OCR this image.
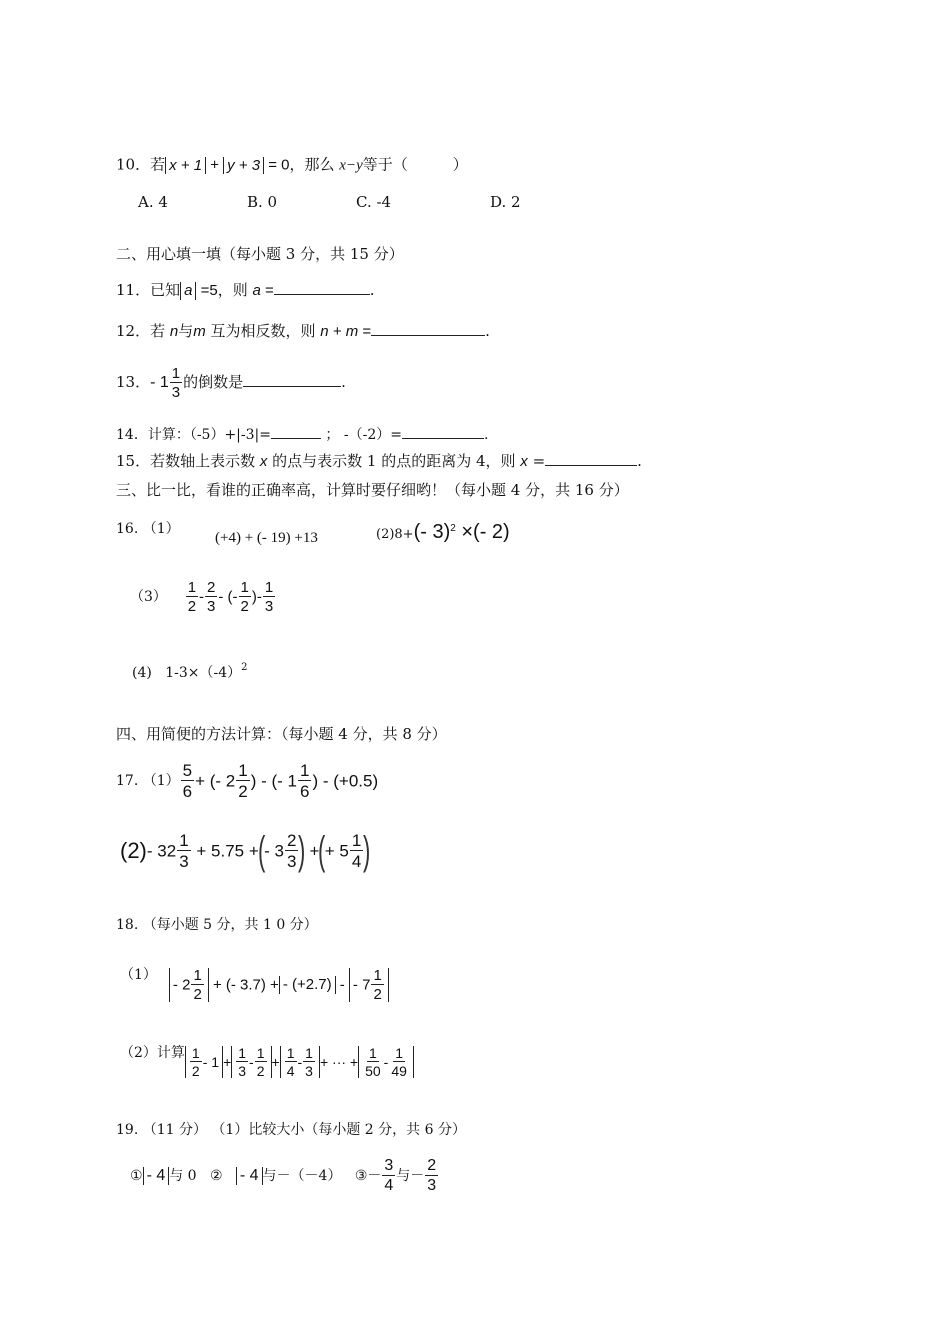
10．若 x + 1 + y + 3 = 0，那么 x−y等于（　　　）
A. 4	B. 0	C. -4	D. 2
二、用心填一填（每小题 3 分，共 15 分）
11．已知 a =5，则 a =	.
12．若 n与m 互为相反数，则 n + m =	.
13．- $1 \frac{1}{3}$ 的倒数是	.
14．计算：（-5）+|-3|=	； -（-2）=	.
15．若数轴上表示数 x 的点与表示数 1 的点的距离为 4，则 x =	.
三、比一比，看谁的正确率高，计算时要仔细哟！（每小题 4 分，共 16 分）
16. （1）
(+4) + (- 19) +13	(2)8+(- 3)$^2$ ×(- 2)
$(3) \frac{1}{2} - \frac{2}{3}$ - (- $\frac{1}{2}$ )- $\frac{1}{3}$
(4) $1-3\times(-4)^2$
四、用简便的方法计算：（每小题 4 分，共 8 分）
17. $(1) \frac{5}{6}$ + (- $2 \frac{1}{2}$ ) - (- $1 \frac{1}{6}$ ) - (+0.5)
(2)- $32 \frac{1}{3} + 5.75$ +(- $3 \frac{2}{3}$ ) +(+ $5 \frac{1}{4}$ )
18. （每小题 5 分，共 1 0 分）
（1）- $2 \frac{1}{2}$ + (- 3.7) + - (+2.7) - - $7 \frac{1}{2}$
（2）计算 $\frac{1}{2} - 1 + \frac{1}{3} - \frac{1}{2} + \frac{1}{4} - \frac{1}{3}$ + ··· + $\frac{1}{50} - \frac{1}{49}$
19. （11 分） （1）比较大小（每小题 2 分，共 6 分）
① - 4 与 0 ② - 4 与－（－4） ③－ $\frac{3}{4}$ 与－ $\frac{2}{3}$
